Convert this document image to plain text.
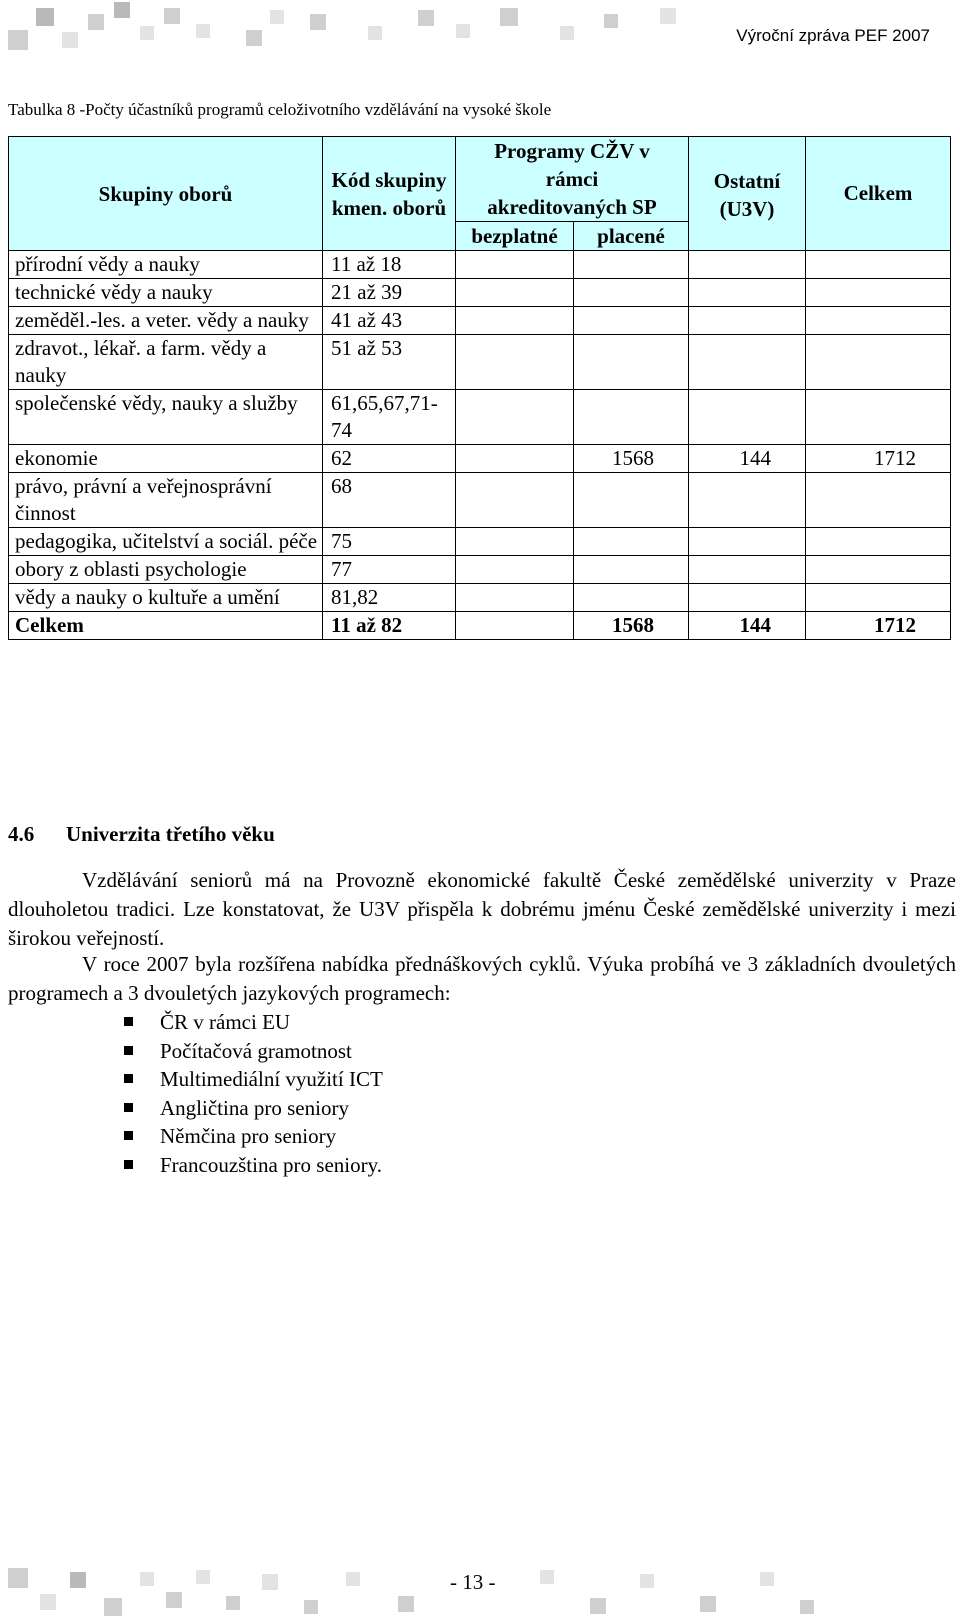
Výroční zpráva PEF 2007
Tabulka 8 -Počty účastníků programů celoživotního vzdělávání na vysoké škole
Skupiny oborů	Kód skupiny kmen. oborů	Programy CŽV v rámci akreditovaných SP		Ostatní (U3V)	Celkem
		bezplatné	placené		
přírodní vědy a nauky	11 až 18				
technické vědy a nauky	21 až 39				
zeměděl.-les. a veter. vědy a nauky	41 až 43				
zdravot., lékař. a farm. vědy a nauky	51 až 53				
společenské vědy, nauky a služby	61,65,67,71-74				
ekonomie	62		1568	144	1712
právo, právní a veřejnosprávní činnost	68				
pedagogika, učitelství a sociál. péče	75				
obory z oblasti psychologie	77				
vědy a nauky o kultuře a umění	81,82				
Celkem	11 až 82		1568	144	1712
4.6 Univerzita třetího věku
Vzdělávání seniorů má na Provozně ekonomické fakultě České zemědělské univerzity v Praze dlouholetou tradici. Lze konstatovat, že U3V přispěla k dobrému jménu České zemědělské univerzity i mezi širokou veřejností.
V roce 2007 byla rozšířena nabídka přednáškových cyklů. Výuka probíhá ve 3 základních dvouletých programech a 3 dvouletých jazykových programech:
ČR v rámci EU
Počítačová gramotnost
Multimediální využití ICT
Angličtina pro seniory
Němčina pro seniory
Francouzština pro seniory.
- 13 -
